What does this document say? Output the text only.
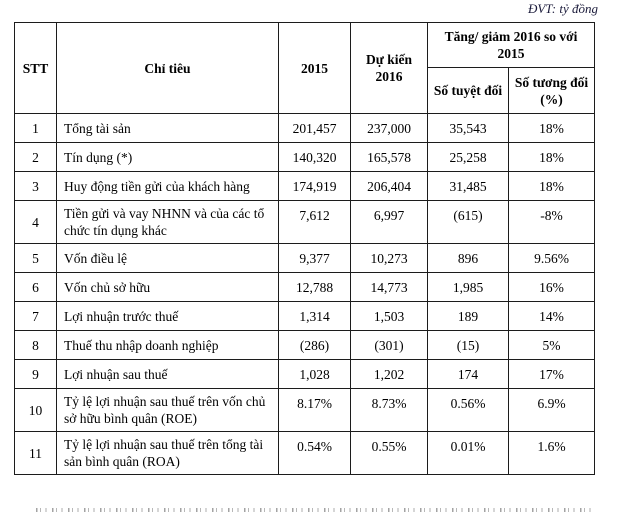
ĐVT: tỷ đồng
STT	Chỉ tiêu	2015	Dự kiến 2016	Tăng/ giảm 2016 so với 2015	
				Số tuyệt đối	Số tương đối (%)
1	Tổng tài sản	201,457	237,000	35,543	18%
2	Tín dụng (*)	140,320	165,578	25,258	18%
3	Huy động tiền gửi của khách hàng	174,919	206,404	31,485	18%
4	Tiền gửi và vay NHNN và của các tổ chức tín dụng khác	7,612	6,997	(615)	-8%
5	Vốn điều lệ	9,377	10,273	896	9.56%
6	Vốn chủ sở hữu	12,788	14,773	1,985	16%
7	Lợi nhuận trước thuế	1,314	1,503	189	14%
8	Thuế thu nhập doanh nghiệp	(286)	(301)	(15)	5%
9	Lợi nhuận sau thuế	1,028	1,202	174	17%
10	Tỷ lệ lợi nhuận sau thuế trên vốn chủ sở hữu bình quân (ROE)	8.17%	8.73%	0.56%	6.9%
11	Tỷ lệ lợi nhuận sau thuế trên tổng tài sản bình quân (ROA)	0.54%	0.55%	0.01%	1.6%
